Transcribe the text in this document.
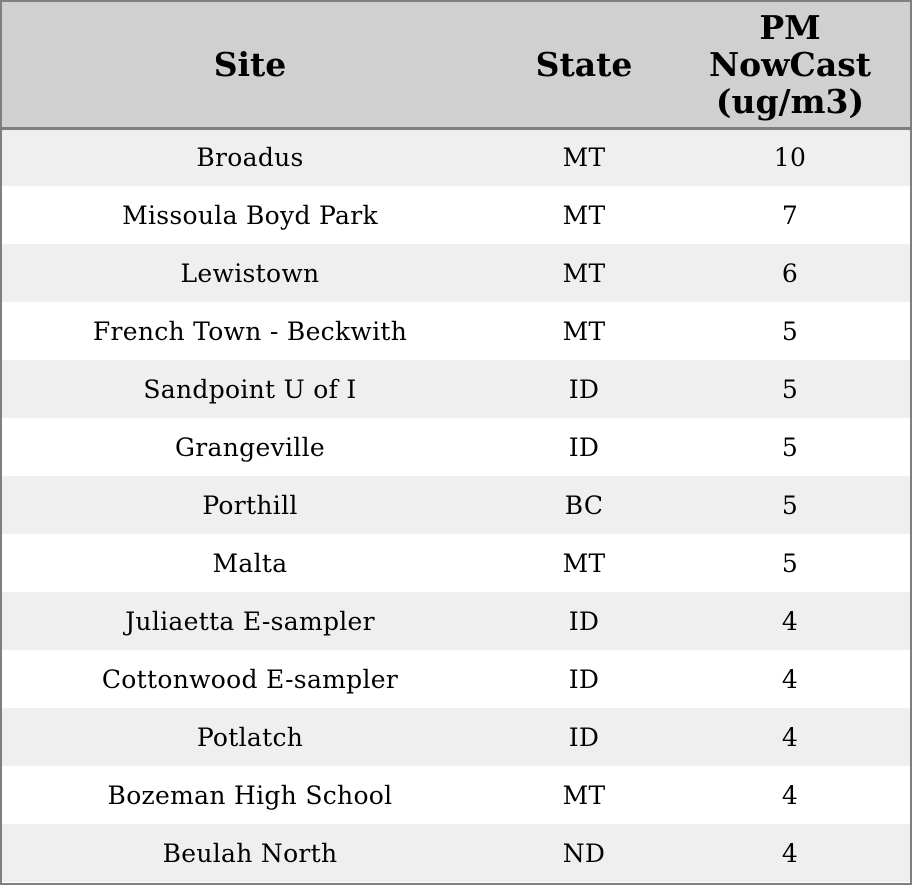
Site	State	PM
NowCast
(ug/m3)
Broadus	MT	10
Missoula Boyd Park	MT	7
Lewistown	MT	6
French Town - Beckwith	MT	5
Sandpoint U of I	ID	5
Grangeville	ID	5
Porthill	BC	5
Malta	MT	5
Juliaetta E-sampler	ID	4
Cottonwood E-sampler	ID	4
Potlatch	ID	4
Bozeman High School	MT	4
Beulah North	ND	4
